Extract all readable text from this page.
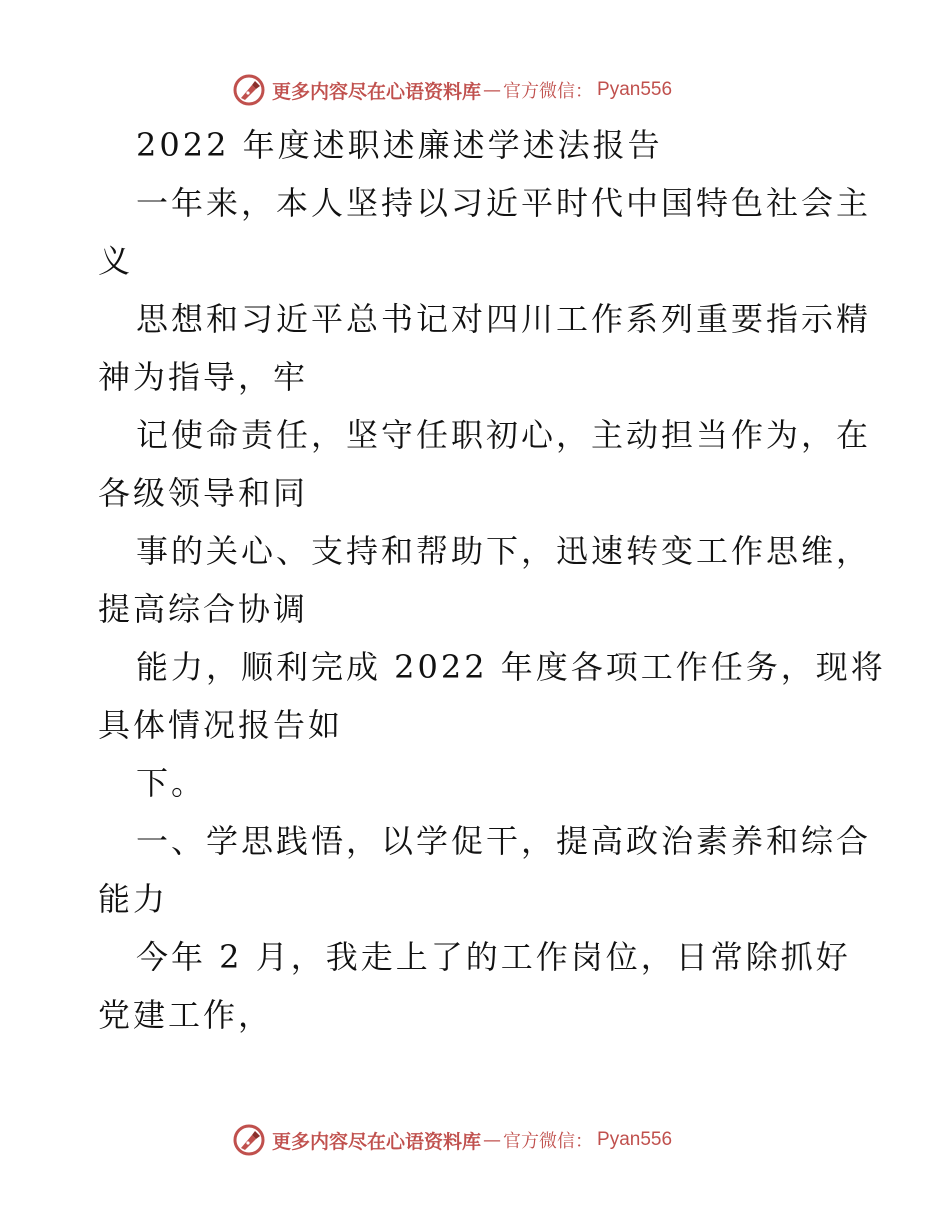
更多内容尽在心语资料库 — 官方微信： Pyan556
2022 年度述职述廉述学述法报告
一年来，本人坚持以习近平时代中国特色社会主
义
思想和习近平总书记对四川工作系列重要指示精
神为指导，牢
记使命责任，坚守任职初心，主动担当作为，在
各级领导和同
事的关心、支持和帮助下，迅速转变工作思维，
提高综合协调
能力，顺利完成 2022 年度各项工作任务，现将
具体情况报告如
下。
一、学思践悟，以学促干，提高政治素养和综合
能力
今年 2 月，我走上了的工作岗位，日常除抓好
党建工作，
更多内容尽在心语资料库 — 官方微信： Pyan556
